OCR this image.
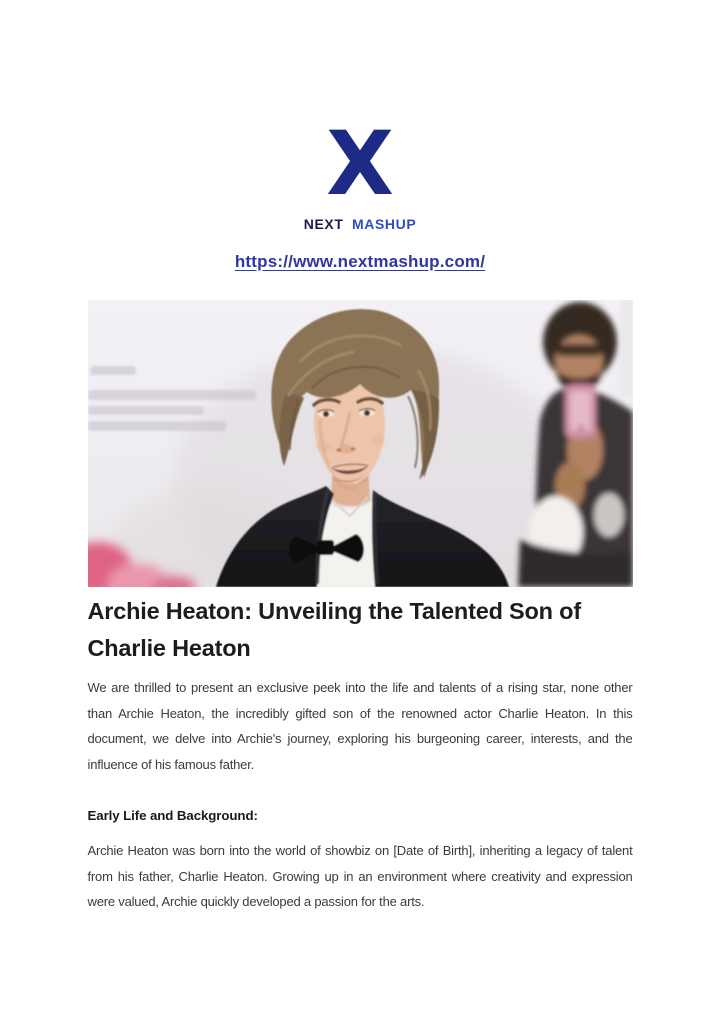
X
NEXT MASHUP
https://www.nextmashup.com/
Archie Heaton: Unveiling the Talented Son of Charlie Heaton

We are thrilled to present an exclusive peek into the life and talents of a rising star, none other than Archie Heaton, the incredibly gifted son of the renowned actor Charlie Heaton. In this document, we delve into Archie's journey, exploring his burgeoning career, interests, and the influence of his famous father.

Early Life and Background:

Archie Heaton was born into the world of showbiz on [Date of Birth], inheriting a legacy of talent from his father, Charlie Heaton. Growing up in an environment where creativity and expression were valued, Archie quickly developed a passion for the arts.
